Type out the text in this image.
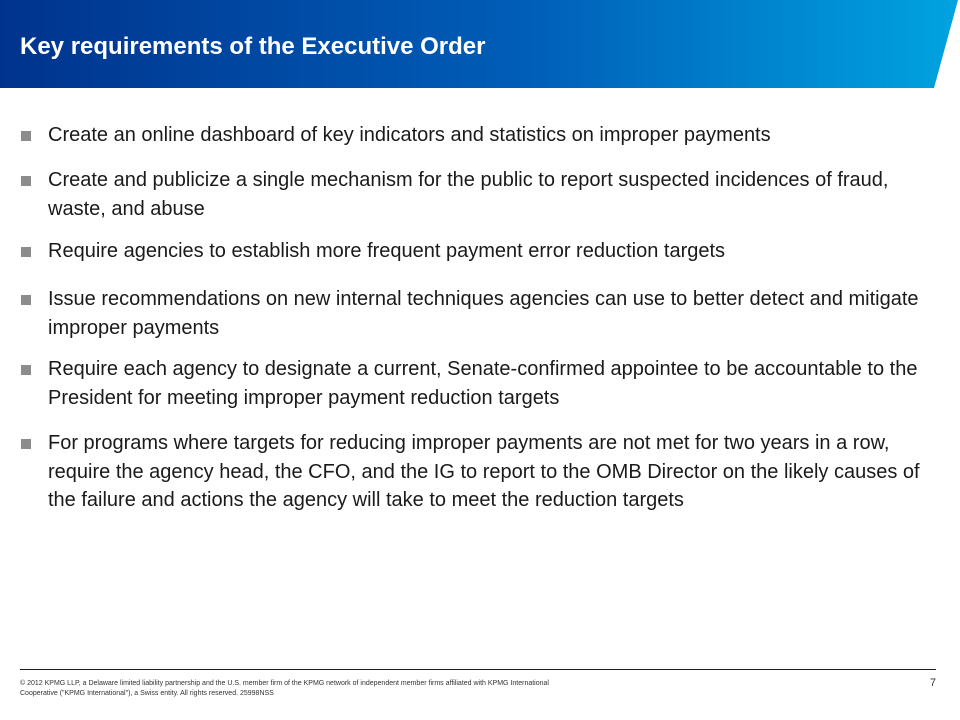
Key requirements of the Executive Order
Create an online dashboard of key indicators and statistics on improper payments
Create and publicize a single mechanism for the public to report suspected incidences of fraud, waste, and abuse
Require agencies to establish more frequent payment error reduction targets
Issue recommendations on new internal techniques agencies can use to better detect and mitigate improper payments
Require each agency to designate a current, Senate-confirmed appointee to be accountable to the President for meeting improper payment reduction targets
For programs where targets for reducing improper payments are not met for two years in a row, require the agency head, the CFO, and the IG to report to the OMB Director on the likely causes of the failure and actions the agency will take to meet the reduction targets

© 2012 KPMG LLP, a Delaware limited liability partnership and the U.S. member firm of the KPMG network of independent member firms affiliated with KPMG International Cooperative ("KPMG International"), a Swiss entity. All rights reserved. 25998NSS

7
